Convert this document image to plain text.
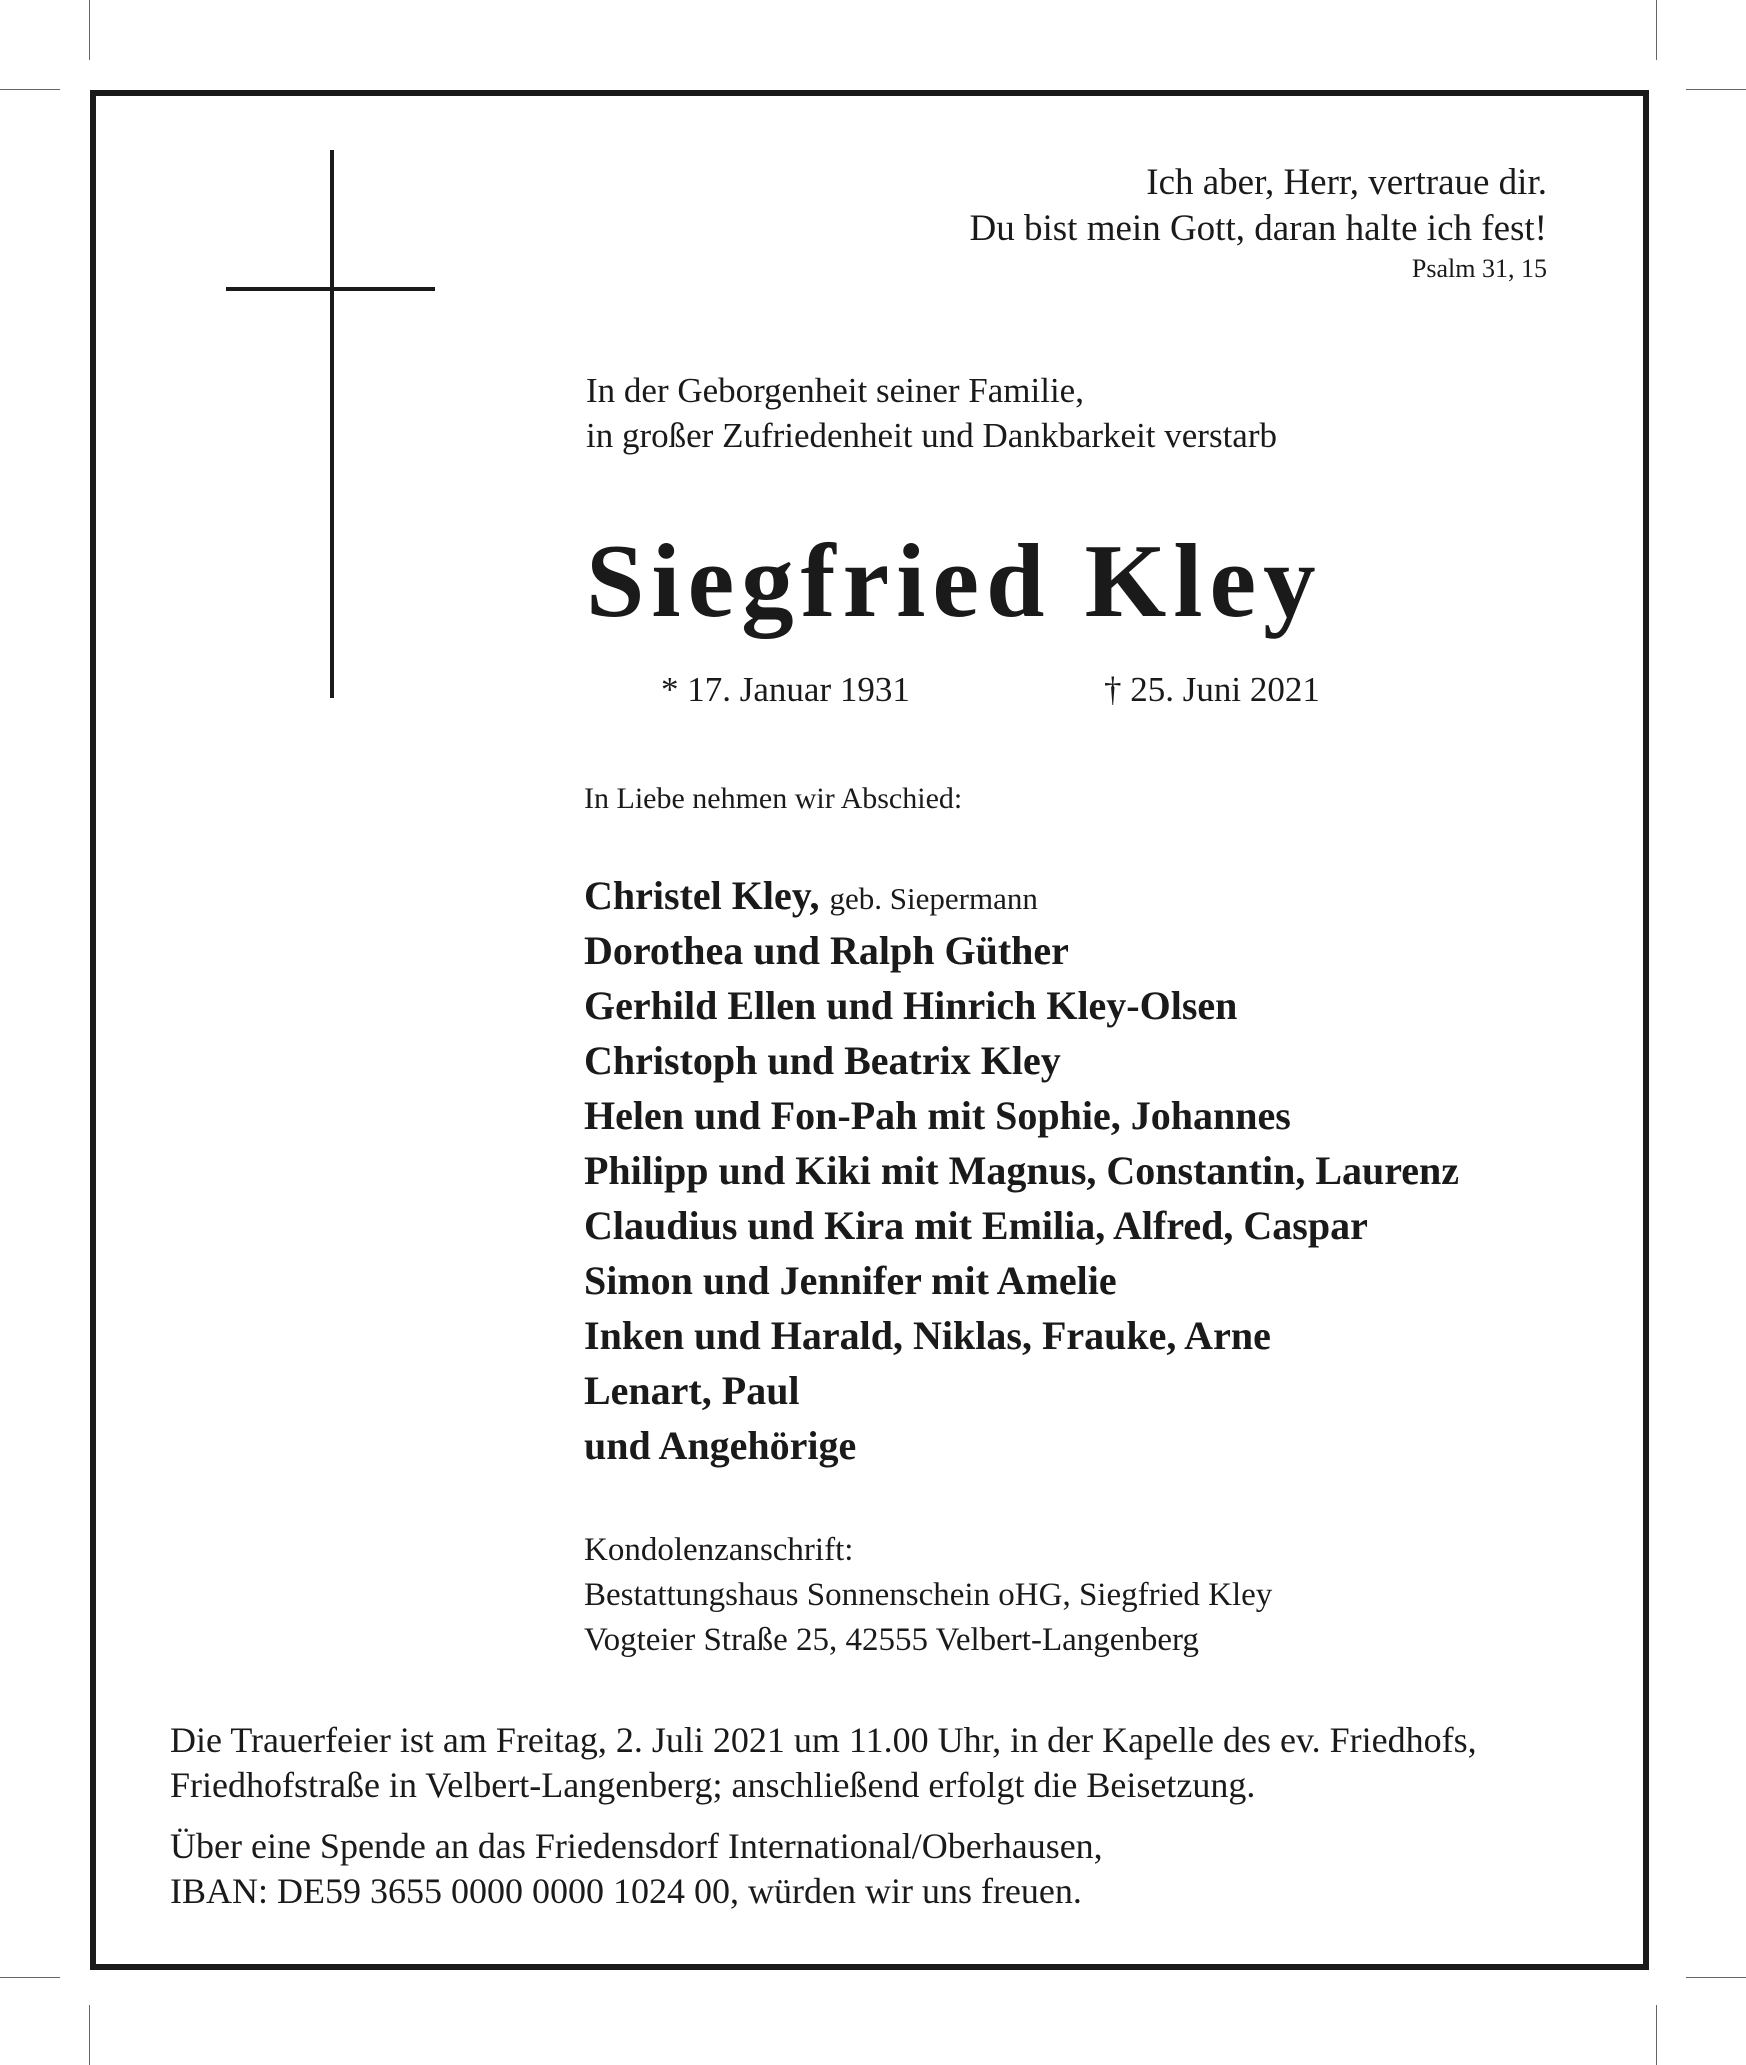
Ich aber, Herr, vertraue dir.
Du bist mein Gott, daran halte ich fest!
Psalm 31, 15
In der Geborgenheit seiner Familie,
in großer Zufriedenheit und Dankbarkeit verstarb
Siegfried Kley
* 17. Januar 1931	† 25. Juni 2021
In Liebe nehmen wir Abschied:
Christel Kley, geb. Siepermann
Dorothea und Ralph Güther
Gerhild Ellen und Hinrich Kley-Olsen
Christoph und Beatrix Kley
Helen und Fon-Pah mit Sophie, Johannes
Philipp und Kiki mit Magnus, Constantin, Laurenz
Claudius und Kira mit Emilia, Alfred, Caspar
Simon und Jennifer mit Amelie
Inken und Harald, Niklas, Frauke, Arne
Lenart, Paul
und Angehörige
Kondolenzanschrift:
Bestattungshaus Sonnenschein oHG, Siegfried Kley
Vogteier Straße 25, 42555 Velbert-Langenberg
Die Trauerfeier ist am Freitag, 2. Juli 2021 um 11.00 Uhr, in der Kapelle des ev. Friedhofs,
Friedhofstraße in Velbert-Langenberg; anschließend erfolgt die Beisetzung.
Über eine Spende an das Friedensdorf International/Oberhausen,
IBAN: DE59 3655 0000 0000 1024 00, würden wir uns freuen.
